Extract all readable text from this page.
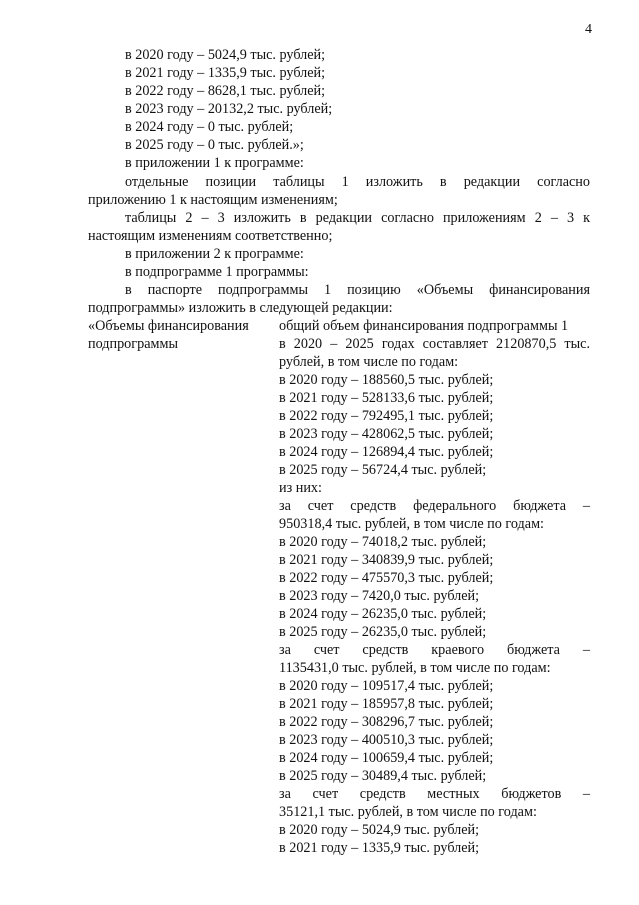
4
в 2020 году – 5024,9 тыс. рублей;
в 2021 году – 1335,9 тыс. рублей;
в 2022 году – 8628,1 тыс. рублей;
в 2023 году – 20132,2 тыс. рублей;
в 2024 году – 0 тыс. рублей;
в 2025 году – 0 тыс. рублей.»;
в приложении 1 к программе:
отдельные позиции таблицы 1 изложить в редакции согласно
приложению 1 к настоящим изменениям;
таблицы 2 – 3 изложить в редакции согласно приложениям 2 – 3 к
настоящим изменениям соответственно;
в приложении 2 к программе:
в подпрограмме 1 программы:
в паспорте подпрограммы 1 позицию «Объемы финансирования
подпрограммы» изложить в следующей редакции:
«Объемы финансирования
подпрограммы
общий объем финансирования подпрограммы 1
в 2020 – 2025 годах составляет 2120870,5 тыс.
рублей, в том числе по годам:
в 2020 году – 188560,5 тыс. рублей;
в 2021 году – 528133,6 тыс. рублей;
в 2022 году – 792495,1 тыс. рублей;
в 2023 году – 428062,5 тыс. рублей;
в 2024 году – 126894,4 тыс. рублей;
в 2025 году – 56724,4 тыс. рублей;
из них:
за счет средств федерального бюджета –
950318,4 тыс. рублей, в том числе по годам:
в 2020 году – 74018,2 тыс. рублей;
в 2021 году – 340839,9 тыс. рублей;
в 2022 году – 475570,3 тыс. рублей;
в 2023 году – 7420,0 тыс. рублей;
в 2024 году – 26235,0 тыс. рублей;
в 2025 году – 26235,0 тыс. рублей;
за счет средств краевого бюджета –
1135431,0 тыс. рублей, в том числе по годам:
в 2020 году – 109517,4 тыс. рублей;
в 2021 году – 185957,8 тыс. рублей;
в 2022 году – 308296,7 тыс. рублей;
в 2023 году – 400510,3 тыс. рублей;
в 2024 году – 100659,4 тыс. рублей;
в 2025 году – 30489,4 тыс. рублей;
за счет средств местных бюджетов –
35121,1 тыс. рублей, в том числе по годам:
в 2020 году – 5024,9 тыс. рублей;
в 2021 году – 1335,9 тыс. рублей;
